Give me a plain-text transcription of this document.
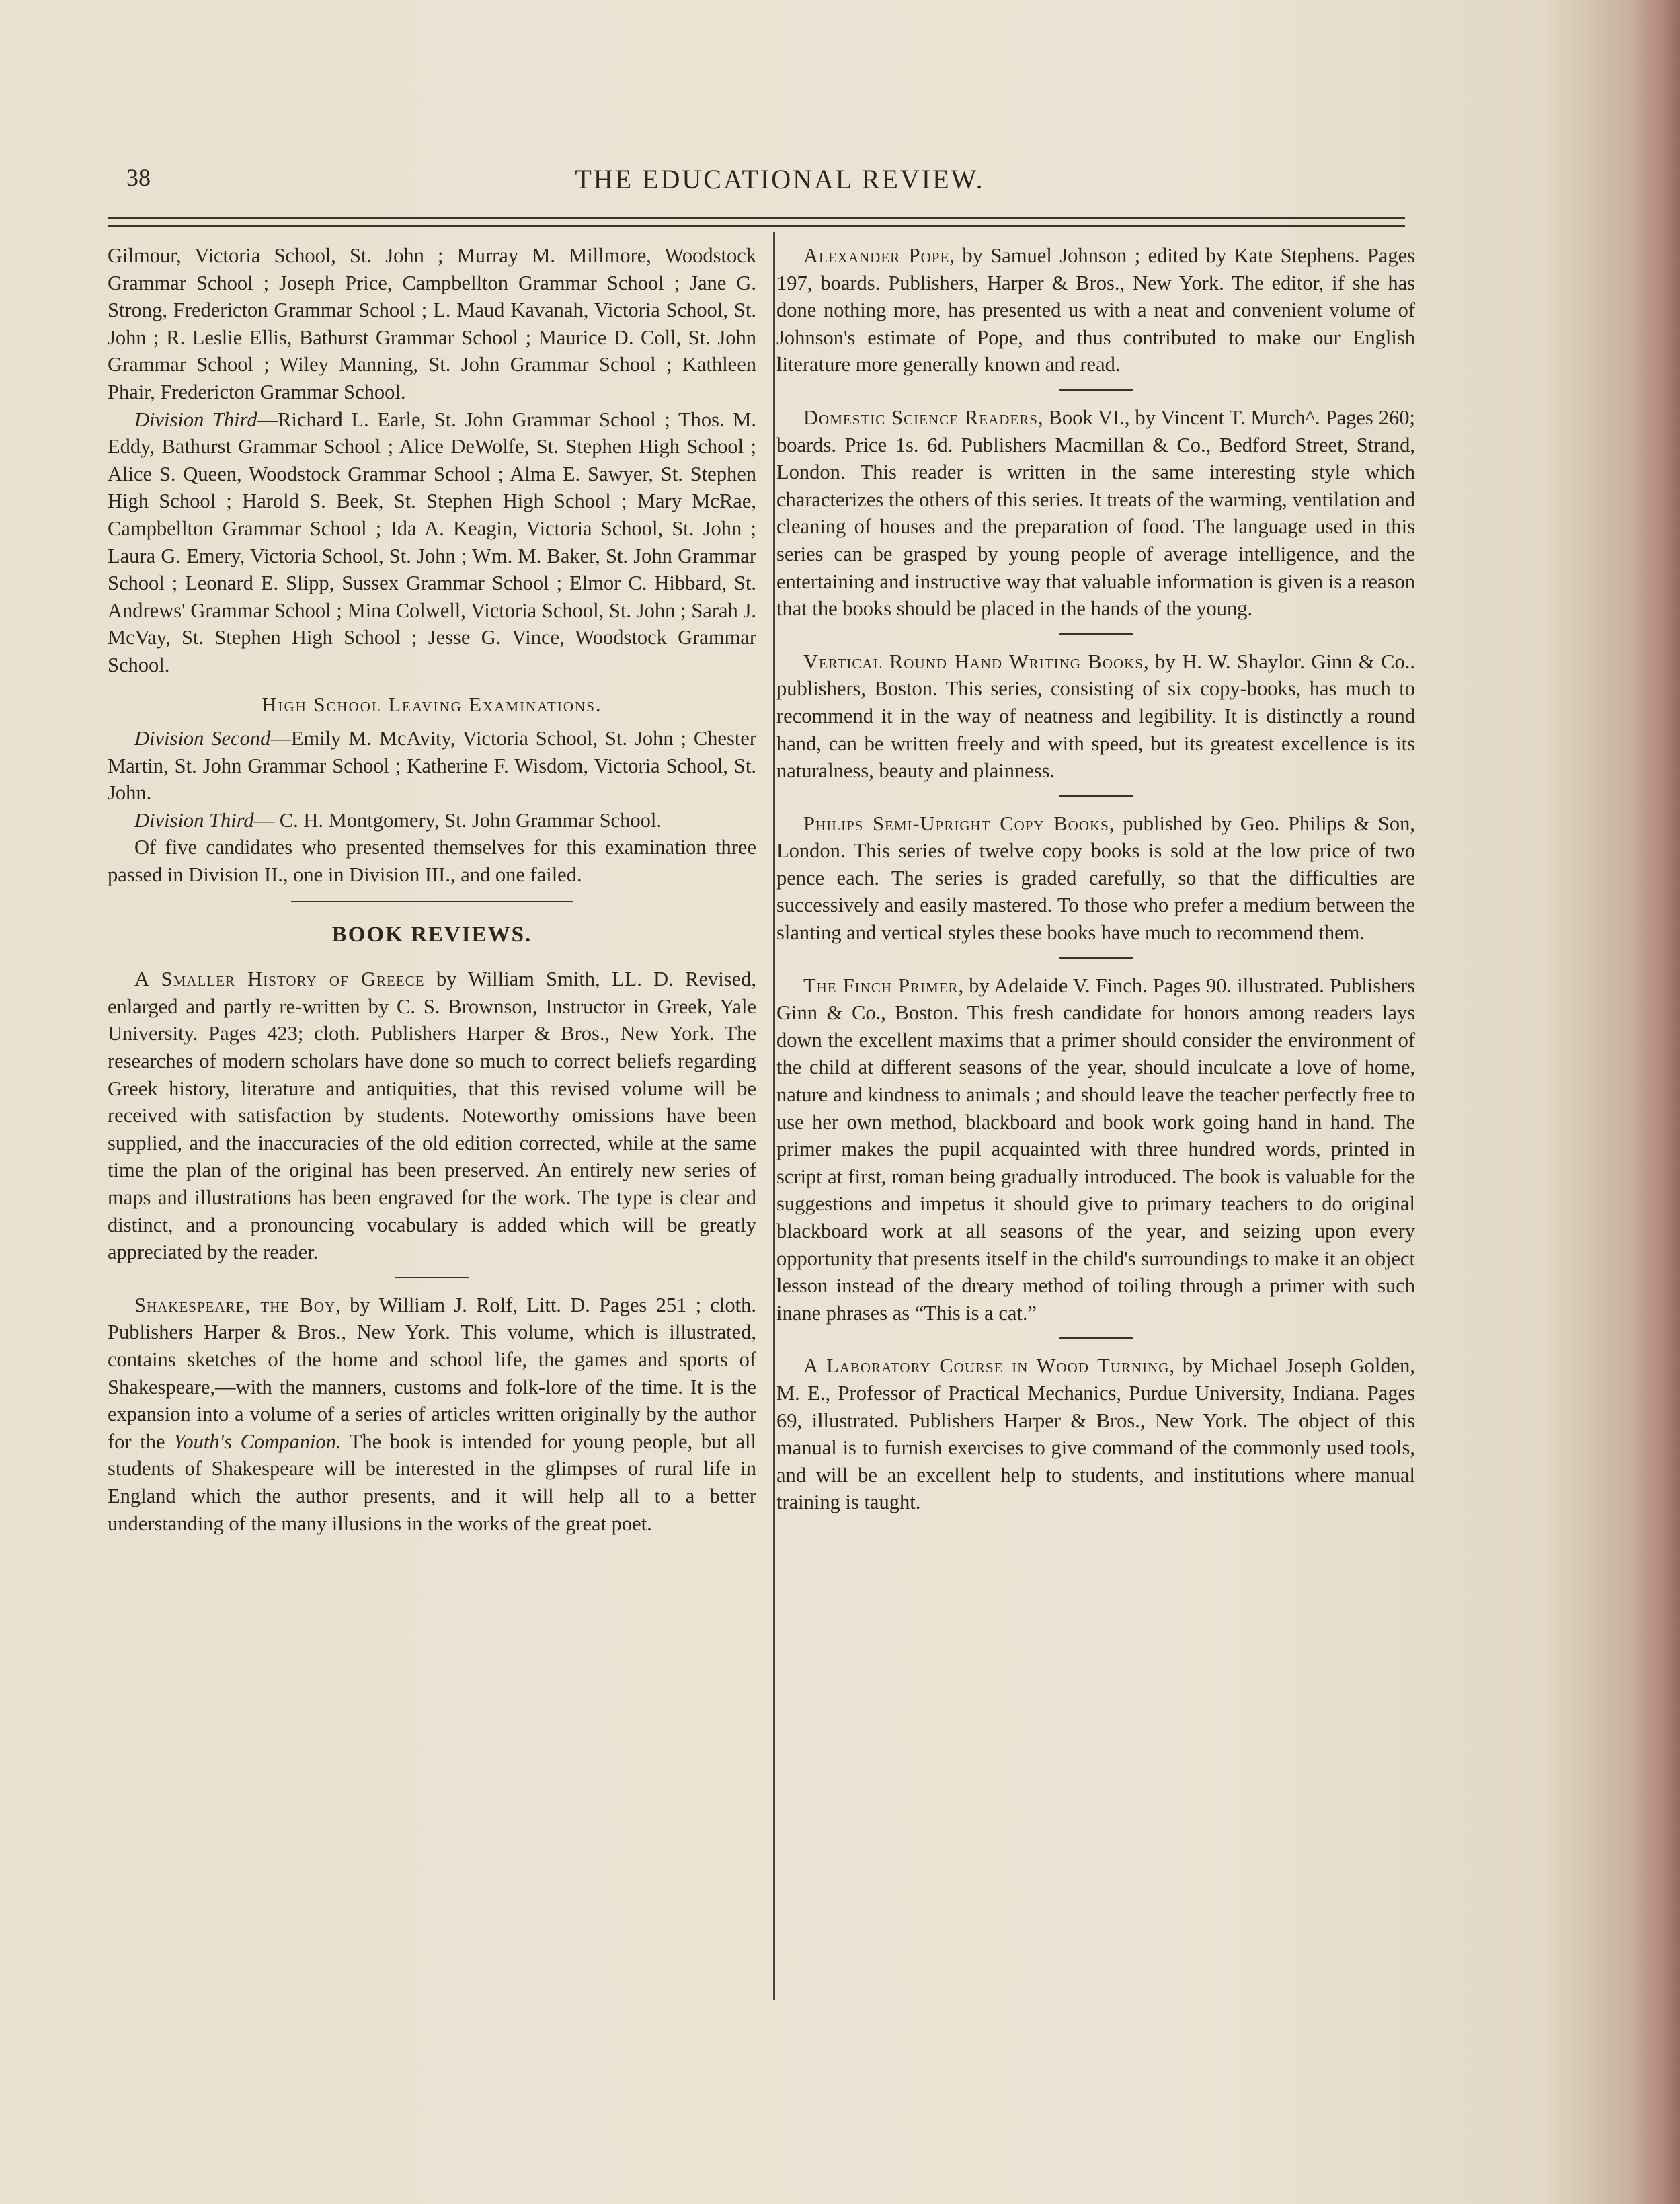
THE EDUCATIONAL REVIEW.
38

Gilmour, Victoria School, St. John ; Murray M. Millmore, Woodstock Grammar School ; Joseph Price, Campbellton Grammar School ; Jane G. Strong, Fredericton Grammar School ; L. Maud Kavanah, Victoria School, St. John ; R. Leslie Ellis, Bathurst Grammar School ; Maurice D. Coll, St. John Grammar School ; Wiley Manning, St. John Grammar School ; Kathleen Phair, Fredericton Grammar School.

Division Third—Richard L. Earle, St. John Grammar School ; Thos. M. Eddy, Bathurst Grammar School ; Alice DeWolfe, St. Stephen High School ; Alice S. Queen, Woodstock Grammar School ; Alma E. Sawyer, St. Stephen High School ; Harold S. Beek, St. Stephen High School ; Mary McRae, Campbellton Grammar School ; Ida A. Keagin, Victoria School, St. John ; Laura G. Emery, Victoria School, St. John ; Wm. M. Baker, St. John Grammar School ; Leonard E. Slipp, Sussex Grammar School ; Elmor C. Hibbard, St. Andrews' Grammar School ; Mina Colwell, Victoria School, St. John ; Sarah J. McVay, St. Stephen High School ; Jesse G. Vince, Woodstock Grammar School.

High School Leaving Examinations.

Division Second—Emily M. McAvity, Victoria School, St. John ; Chester Martin, St. John Grammar School ; Katherine F. Wisdom, Victoria School, St. John.

Division Third— C. H. Montgomery, St. John Grammar School.

Of five candidates who presented themselves for this examination three passed in Division II., one in Division III., and one failed.

BOOK REVIEWS.

A Smaller History of Greece by William Smith, LL. D. Revised, enlarged and partly re-written by C. S. Brownson, Instructor in Greek, Yale University. Pages 423; cloth. Publishers Harper & Bros., New York. The researches of modern scholars have done so much to correct beliefs regarding Greek history, literature and antiquities, that this revised volume will be received with satisfaction by students. Noteworthy omissions have been supplied, and the inaccuracies of the old edition corrected, while at the same time the plan of the original has been preserved. An entirely new series of maps and illustrations has been engraved for the work. The type is clear and distinct, and a pronouncing vocabulary is added which will be greatly appreciated by the reader.

Shakespeare, the Boy, by William J. Rolf, Litt. D. Pages 251 ; cloth. Publishers Harper & Bros., New York. This volume, which is illustrated, contains sketches of the home and school life, the games and sports of Shakespeare,—with the manners, customs and folk-lore of the time. It is the expansion into a volume of a series of articles written originally by the author for the Youth's Companion. The book is intended for young people, but all students of Shakespeare will be interested in the glimpses of rural life in England which the author presents, and it will help all to a better understanding of the many illusions in the works of the great poet.

Alexander Pope, by Samuel Johnson ; edited by Kate Stephens. Pages 197, boards. Publishers, Harper & Bros., New York. The editor, if she has done nothing more, has presented us with a neat and convenient volume of Johnson's estimate of Pope, and thus contributed to make our English literature more generally known and read.

Domestic Science Readers, Book VI., by Vincent T. Murch^. Pages 260; boards. Price 1s. 6d. Publishers Macmillan & Co., Bedford Street, Strand, London. This reader is written in the same interesting style which characterizes the others of this series. It treats of the warming, ventilation and cleaning of houses and the preparation of food. The language used in this series can be grasped by young people of average intelligence, and the entertaining and instructive way that valuable information is given is a reason that the books should be placed in the hands of the young.

Vertical Round Hand Writing Books, by H. W. Shaylor. Ginn & Co.. publishers, Boston. This series, consisting of six copy-books, has much to recommend it in the way of neatness and legibility. It is distinctly a round hand, can be written freely and with speed, but its greatest excellence is its naturalness, beauty and plainness.

Philips Semi-Upright Copy Books, published by Geo. Philips & Son, London. This series of twelve copy books is sold at the low price of two pence each. The series is graded carefully, so that the difficulties are successively and easily mastered. To those who prefer a medium between the slanting and vertical styles these books have much to recommend them.

The Finch Primer, by Adelaide V. Finch. Pages 90. illustrated. Publishers Ginn & Co., Boston. This fresh candidate for honors among readers lays down the excellent maxims that a primer should consider the environment of the child at different seasons of the year, should inculcate a love of home, nature and kindness to animals ; and should leave the teacher perfectly free to use her own method, blackboard and book work going hand in hand. The primer makes the pupil acquainted with three hundred words, printed in script at first, roman being gradually introduced. The book is valuable for the suggestions and impetus it should give to primary teachers to do original blackboard work at all seasons of the year, and seizing upon every opportunity that presents itself in the child's surroundings to make it an object lesson instead of the dreary method of toiling through a primer with such inane phrases as “This is a cat.”

A Laboratory Course in Wood Turning, by Michael Joseph Golden, M. E., Professor of Practical Mechanics, Purdue University, Indiana. Pages 69, illustrated. Publishers Harper & Bros., New York. The object of this manual is to furnish exercises to give command of the commonly used tools, and will be an excellent help to students, and institutions where manual training is taught.
